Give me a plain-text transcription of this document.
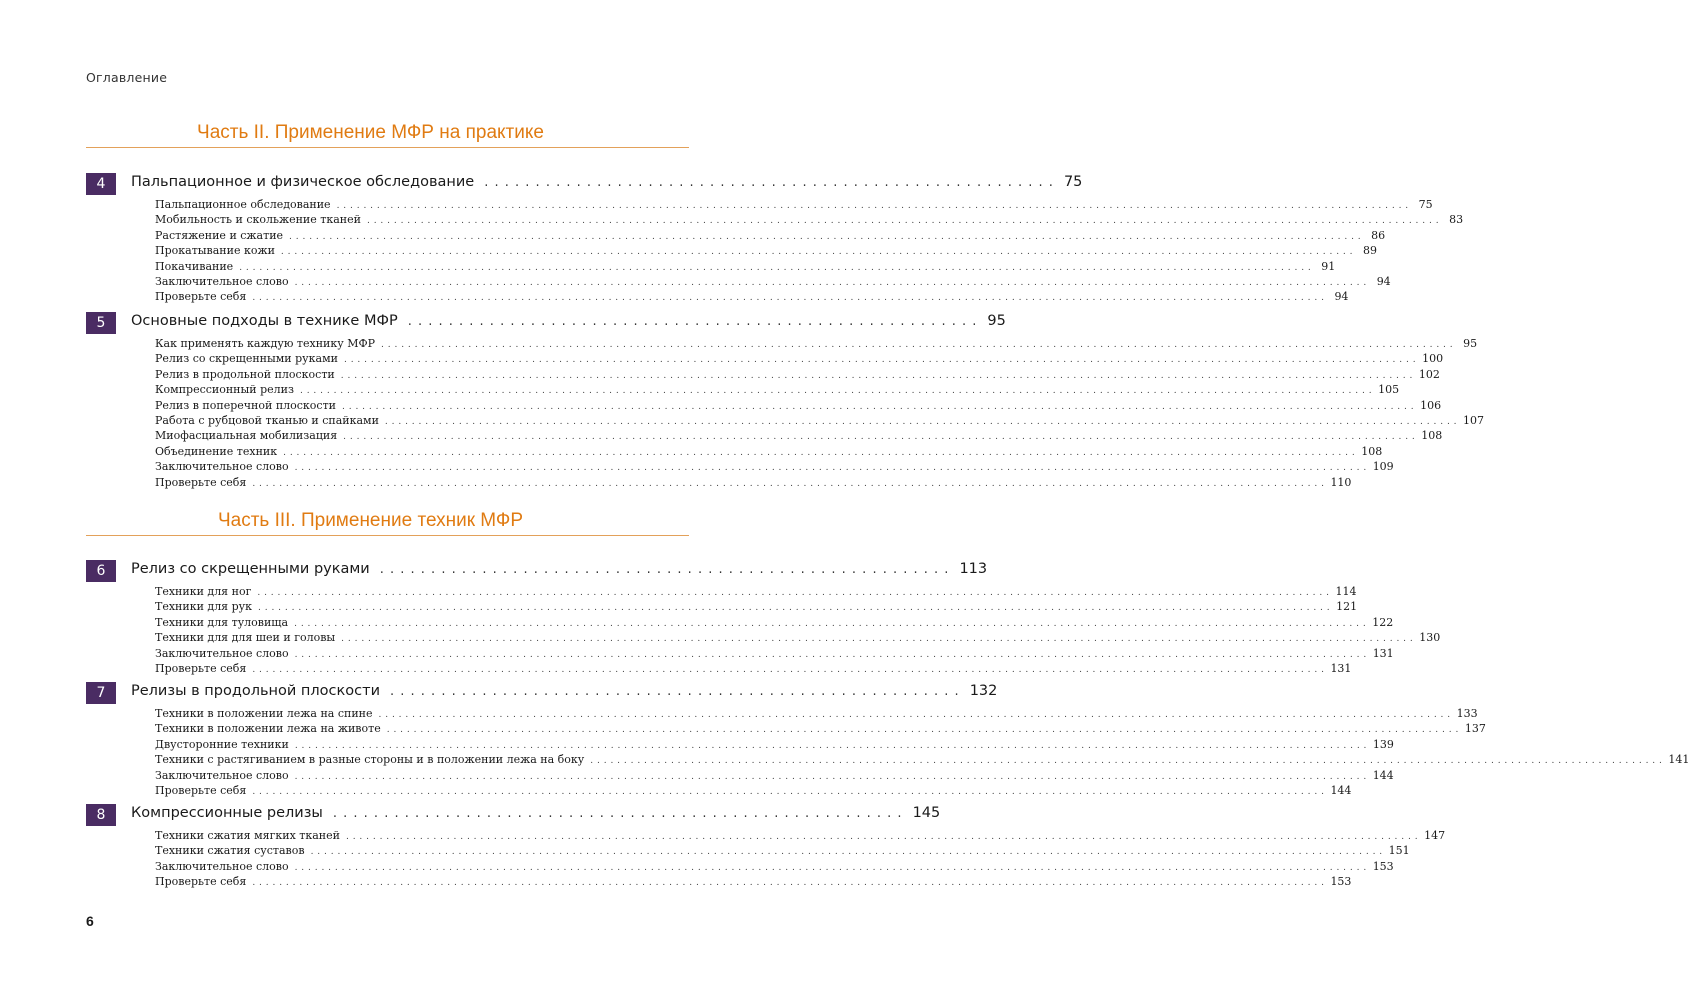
Оглавление
Часть II. Применение МФР на практике
4	Пальпационное и физическое обследование . . . . . . . . . . . . . . . . . . . . . . . . . . . . . . . . . . . . . . . . . . . . . . . . . . . . . . . . 75
Пальпационное обследование . . . . . . . . . . . . . . . . . . . . . . . . . . . . . . . . . . . . . . . . . . . . . . . . . . . . . . . . . . . . . . . . . . . . . . . . . . . . . . . . . . . . . . . . . . . . . . . . . . . . . . . . . . . . . . . . . . . . . . . . . . . . . . . . . . . . . . . . . . . . . . . . . . . . . . . . . . . . . . . . 75
Мобильность и скольжение тканей . . . . . . . . . . . . . . . . . . . . . . . . . . . . . . . . . . . . . . . . . . . . . . . . . . . . . . . . . . . . . . . . . . . . . . . . . . . . . . . . . . . . . . . . . . . . . . . . . . . . . . . . . . . . . . . . . . . . . . . . . . . . . . . . . . . . . . . . . . . . . . . . . . . . . . . . . . . . . . . . 83
Растяжение и сжатие . . . . . . . . . . . . . . . . . . . . . . . . . . . . . . . . . . . . . . . . . . . . . . . . . . . . . . . . . . . . . . . . . . . . . . . . . . . . . . . . . . . . . . . . . . . . . . . . . . . . . . . . . . . . . . . . . . . . . . . . . . . . . . . . . . . . . . . . . . . . . . . . . . . . . . . . . . . . . . . . 86
Прокатывание кожи . . . . . . . . . . . . . . . . . . . . . . . . . . . . . . . . . . . . . . . . . . . . . . . . . . . . . . . . . . . . . . . . . . . . . . . . . . . . . . . . . . . . . . . . . . . . . . . . . . . . . . . . . . . . . . . . . . . . . . . . . . . . . . . . . . . . . . . . . . . . . . . . . . . . . . . . . . . . . . . . 89
Покачивание . . . . . . . . . . . . . . . . . . . . . . . . . . . . . . . . . . . . . . . . . . . . . . . . . . . . . . . . . . . . . . . . . . . . . . . . . . . . . . . . . . . . . . . . . . . . . . . . . . . . . . . . . . . . . . . . . . . . . . . . . . . . . . . . . . . . . . . . . . . . . . . . . . . . . . . . . . . . . . . . 91
Заключительное слово . . . . . . . . . . . . . . . . . . . . . . . . . . . . . . . . . . . . . . . . . . . . . . . . . . . . . . . . . . . . . . . . . . . . . . . . . . . . . . . . . . . . . . . . . . . . . . . . . . . . . . . . . . . . . . . . . . . . . . . . . . . . . . . . . . . . . . . . . . . . . . . . . . . . . . . . . . . . . . . . 94
Проверьте себя . . . . . . . . . . . . . . . . . . . . . . . . . . . . . . . . . . . . . . . . . . . . . . . . . . . . . . . . . . . . . . . . . . . . . . . . . . . . . . . . . . . . . . . . . . . . . . . . . . . . . . . . . . . . . . . . . . . . . . . . . . . . . . . . . . . . . . . . . . . . . . . . . . . . . . . . . . . . . . . . 94
5	Основные подходы в технике МФР . . . . . . . . . . . . . . . . . . . . . . . . . . . . . . . . . . . . . . . . . . . . . . . . . . . . . . . . 95
Как применять каждую технику МФР . . . . . . . . . . . . . . . . . . . . . . . . . . . . . . . . . . . . . . . . . . . . . . . . . . . . . . . . . . . . . . . . . . . . . . . . . . . . . . . . . . . . . . . . . . . . . . . . . . . . . . . . . . . . . . . . . . . . . . . . . . . . . . . . . . . . . . . . . . . . . . . . . . . . . . . . . . . . . . . . 95
Релиз со скрещенными руками . . . . . . . . . . . . . . . . . . . . . . . . . . . . . . . . . . . . . . . . . . . . . . . . . . . . . . . . . . . . . . . . . . . . . . . . . . . . . . . . . . . . . . . . . . . . . . . . . . . . . . . . . . . . . . . . . . . . . . . . . . . . . . . . . . . . . . . . . . . . . . . . . . . . . . . . . . . . . . . . 100
Релиз в продольной плоскости . . . . . . . . . . . . . . . . . . . . . . . . . . . . . . . . . . . . . . . . . . . . . . . . . . . . . . . . . . . . . . . . . . . . . . . . . . . . . . . . . . . . . . . . . . . . . . . . . . . . . . . . . . . . . . . . . . . . . . . . . . . . . . . . . . . . . . . . . . . . . . . . . . . . . . . . . . . . . . . . 102
Компрессионный релиз . . . . . . . . . . . . . . . . . . . . . . . . . . . . . . . . . . . . . . . . . . . . . . . . . . . . . . . . . . . . . . . . . . . . . . . . . . . . . . . . . . . . . . . . . . . . . . . . . . . . . . . . . . . . . . . . . . . . . . . . . . . . . . . . . . . . . . . . . . . . . . . . . . . . . . . . . . . . . . . . 105
Релиз в поперечной плоскости . . . . . . . . . . . . . . . . . . . . . . . . . . . . . . . . . . . . . . . . . . . . . . . . . . . . . . . . . . . . . . . . . . . . . . . . . . . . . . . . . . . . . . . . . . . . . . . . . . . . . . . . . . . . . . . . . . . . . . . . . . . . . . . . . . . . . . . . . . . . . . . . . . . . . . . . . . . . . . . . 106
Работа с рубцовой тканью и спайками . . . . . . . . . . . . . . . . . . . . . . . . . . . . . . . . . . . . . . . . . . . . . . . . . . . . . . . . . . . . . . . . . . . . . . . . . . . . . . . . . . . . . . . . . . . . . . . . . . . . . . . . . . . . . . . . . . . . . . . . . . . . . . . . . . . . . . . . . . . . . . . . . . . . . . . . . . . . . . . . 107
Миофасциальная мобилизация . . . . . . . . . . . . . . . . . . . . . . . . . . . . . . . . . . . . . . . . . . . . . . . . . . . . . . . . . . . . . . . . . . . . . . . . . . . . . . . . . . . . . . . . . . . . . . . . . . . . . . . . . . . . . . . . . . . . . . . . . . . . . . . . . . . . . . . . . . . . . . . . . . . . . . . . . . . . . . . . 108
Объединение техник . . . . . . . . . . . . . . . . . . . . . . . . . . . . . . . . . . . . . . . . . . . . . . . . . . . . . . . . . . . . . . . . . . . . . . . . . . . . . . . . . . . . . . . . . . . . . . . . . . . . . . . . . . . . . . . . . . . . . . . . . . . . . . . . . . . . . . . . . . . . . . . . . . . . . . . . . . . . . . . . 108
Заключительное слово . . . . . . . . . . . . . . . . . . . . . . . . . . . . . . . . . . . . . . . . . . . . . . . . . . . . . . . . . . . . . . . . . . . . . . . . . . . . . . . . . . . . . . . . . . . . . . . . . . . . . . . . . . . . . . . . . . . . . . . . . . . . . . . . . . . . . . . . . . . . . . . . . . . . . . . . . . . . . . . . 109
Проверьте себя . . . . . . . . . . . . . . . . . . . . . . . . . . . . . . . . . . . . . . . . . . . . . . . . . . . . . . . . . . . . . . . . . . . . . . . . . . . . . . . . . . . . . . . . . . . . . . . . . . . . . . . . . . . . . . . . . . . . . . . . . . . . . . . . . . . . . . . . . . . . . . . . . . . . . . . . . . . . . . . . 110
Часть III. Применение техник МФР
6	Релиз со скрещенными руками . . . . . . . . . . . . . . . . . . . . . . . . . . . . . . . . . . . . . . . . . . . . . . . . . . . . . . . . 113
Техники для ног . . . . . . . . . . . . . . . . . . . . . . . . . . . . . . . . . . . . . . . . . . . . . . . . . . . . . . . . . . . . . . . . . . . . . . . . . . . . . . . . . . . . . . . . . . . . . . . . . . . . . . . . . . . . . . . . . . . . . . . . . . . . . . . . . . . . . . . . . . . . . . . . . . . . . . . . . . . . . . . . 114
Техники для рук . . . . . . . . . . . . . . . . . . . . . . . . . . . . . . . . . . . . . . . . . . . . . . . . . . . . . . . . . . . . . . . . . . . . . . . . . . . . . . . . . . . . . . . . . . . . . . . . . . . . . . . . . . . . . . . . . . . . . . . . . . . . . . . . . . . . . . . . . . . . . . . . . . . . . . . . . . . . . . . . 121
Техники для туловища . . . . . . . . . . . . . . . . . . . . . . . . . . . . . . . . . . . . . . . . . . . . . . . . . . . . . . . . . . . . . . . . . . . . . . . . . . . . . . . . . . . . . . . . . . . . . . . . . . . . . . . . . . . . . . . . . . . . . . . . . . . . . . . . . . . . . . . . . . . . . . . . . . . . . . . . . . . . . . . . 122
Техники для для шеи и головы . . . . . . . . . . . . . . . . . . . . . . . . . . . . . . . . . . . . . . . . . . . . . . . . . . . . . . . . . . . . . . . . . . . . . . . . . . . . . . . . . . . . . . . . . . . . . . . . . . . . . . . . . . . . . . . . . . . . . . . . . . . . . . . . . . . . . . . . . . . . . . . . . . . . . . . . . . . . . . . . 130
Заключительное слово . . . . . . . . . . . . . . . . . . . . . . . . . . . . . . . . . . . . . . . . . . . . . . . . . . . . . . . . . . . . . . . . . . . . . . . . . . . . . . . . . . . . . . . . . . . . . . . . . . . . . . . . . . . . . . . . . . . . . . . . . . . . . . . . . . . . . . . . . . . . . . . . . . . . . . . . . . . . . . . . 131
Проверьте себя . . . . . . . . . . . . . . . . . . . . . . . . . . . . . . . . . . . . . . . . . . . . . . . . . . . . . . . . . . . . . . . . . . . . . . . . . . . . . . . . . . . . . . . . . . . . . . . . . . . . . . . . . . . . . . . . . . . . . . . . . . . . . . . . . . . . . . . . . . . . . . . . . . . . . . . . . . . . . . . . 131
7	Релизы в продольной плоскости . . . . . . . . . . . . . . . . . . . . . . . . . . . . . . . . . . . . . . . . . . . . . . . . . . . . . . . . 132
Техники в положении лежа на спине . . . . . . . . . . . . . . . . . . . . . . . . . . . . . . . . . . . . . . . . . . . . . . . . . . . . . . . . . . . . . . . . . . . . . . . . . . . . . . . . . . . . . . . . . . . . . . . . . . . . . . . . . . . . . . . . . . . . . . . . . . . . . . . . . . . . . . . . . . . . . . . . . . . . . . . . . . . . . . . . 133
Техники в положении лежа на животе . . . . . . . . . . . . . . . . . . . . . . . . . . . . . . . . . . . . . . . . . . . . . . . . . . . . . . . . . . . . . . . . . . . . . . . . . . . . . . . . . . . . . . . . . . . . . . . . . . . . . . . . . . . . . . . . . . . . . . . . . . . . . . . . . . . . . . . . . . . . . . . . . . . . . . . . . . . . . . . . 137
Двусторонние техники . . . . . . . . . . . . . . . . . . . . . . . . . . . . . . . . . . . . . . . . . . . . . . . . . . . . . . . . . . . . . . . . . . . . . . . . . . . . . . . . . . . . . . . . . . . . . . . . . . . . . . . . . . . . . . . . . . . . . . . . . . . . . . . . . . . . . . . . . . . . . . . . . . . . . . . . . . . . . . . . 139
Техники с растягиванием в разные стороны и в положении лежа на боку . . . . . . . . . . . . . . . . . . . . . . . . . . . . . . . . . . . . . . . . . . . . . . . . . . . . . . . . . . . . . . . . . . . . . . . . . . . . . . . . . . . . . . . . . . . . . . . . . . . . . . . . . . . . . . . . . . . . . . . . . . . . . . . . . . . . . . . . . . . . . . . . . . . . . . . . . . . . . . . . 141
Заключительное слово . . . . . . . . . . . . . . . . . . . . . . . . . . . . . . . . . . . . . . . . . . . . . . . . . . . . . . . . . . . . . . . . . . . . . . . . . . . . . . . . . . . . . . . . . . . . . . . . . . . . . . . . . . . . . . . . . . . . . . . . . . . . . . . . . . . . . . . . . . . . . . . . . . . . . . . . . . . . . . . . 144
Проверьте себя . . . . . . . . . . . . . . . . . . . . . . . . . . . . . . . . . . . . . . . . . . . . . . . . . . . . . . . . . . . . . . . . . . . . . . . . . . . . . . . . . . . . . . . . . . . . . . . . . . . . . . . . . . . . . . . . . . . . . . . . . . . . . . . . . . . . . . . . . . . . . . . . . . . . . . . . . . . . . . . . 144
8	Компрессионные релизы . . . . . . . . . . . . . . . . . . . . . . . . . . . . . . . . . . . . . . . . . . . . . . . . . . . . . . . . 145
Техники сжатия мягких тканей . . . . . . . . . . . . . . . . . . . . . . . . . . . . . . . . . . . . . . . . . . . . . . . . . . . . . . . . . . . . . . . . . . . . . . . . . . . . . . . . . . . . . . . . . . . . . . . . . . . . . . . . . . . . . . . . . . . . . . . . . . . . . . . . . . . . . . . . . . . . . . . . . . . . . . . . . . . . . . . . 147
Техники сжатия суставов . . . . . . . . . . . . . . . . . . . . . . . . . . . . . . . . . . . . . . . . . . . . . . . . . . . . . . . . . . . . . . . . . . . . . . . . . . . . . . . . . . . . . . . . . . . . . . . . . . . . . . . . . . . . . . . . . . . . . . . . . . . . . . . . . . . . . . . . . . . . . . . . . . . . . . . . . . . . . . . . 151
Заключительное слово . . . . . . . . . . . . . . . . . . . . . . . . . . . . . . . . . . . . . . . . . . . . . . . . . . . . . . . . . . . . . . . . . . . . . . . . . . . . . . . . . . . . . . . . . . . . . . . . . . . . . . . . . . . . . . . . . . . . . . . . . . . . . . . . . . . . . . . . . . . . . . . . . . . . . . . . . . . . . . . . 153
Проверьте себя . . . . . . . . . . . . . . . . . . . . . . . . . . . . . . . . . . . . . . . . . . . . . . . . . . . . . . . . . . . . . . . . . . . . . . . . . . . . . . . . . . . . . . . . . . . . . . . . . . . . . . . . . . . . . . . . . . . . . . . . . . . . . . . . . . . . . . . . . . . . . . . . . . . . . . . . . . . . . . . . 153
6
